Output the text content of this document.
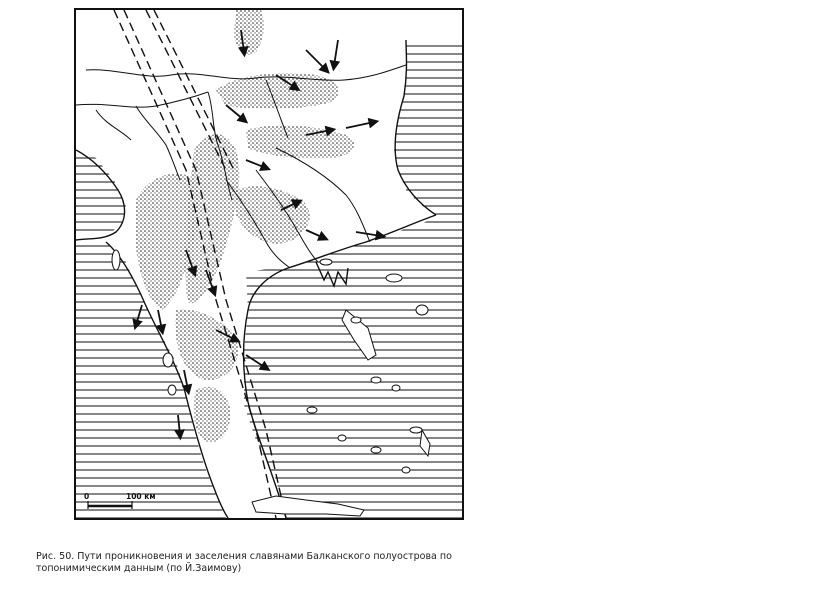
0	100 км
Рис. 50. Пути проникновения и заселения славянами Балканского полуострова по
топонимическим данным (по Й.Заимову)
